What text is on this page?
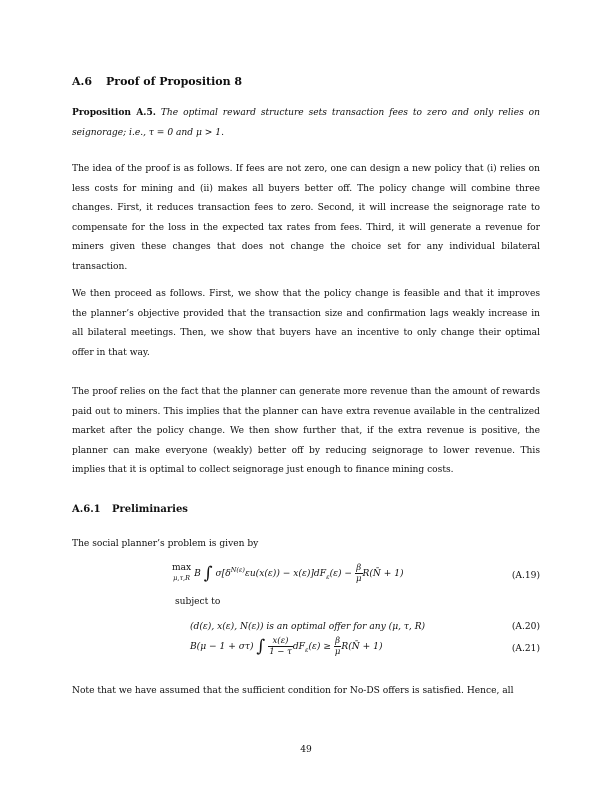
A.6 Proof of Proposition 8

Proposition A.5. The optimal reward structure sets transaction fees to zero and only relies on seignorage; i.e., τ = 0 and μ > 1.

The idea of the proof is as follows. If fees are not zero, one can design a new policy that (i) relies on less costs for mining and (ii) makes all buyers better off. The policy change will combine three changes. First, it reduces transaction fees to zero. Second, it will increase the seignorage rate to compensate for the loss in the expected tax rates from fees. Third, it will generate a revenue for miners given these changes that does not change the choice set for any individual bilateral transaction.

We then proceed as follows. First, we show that the policy change is feasible and that it improves the planner’s objective provided that the transaction size and confirmation lags weakly increase in all bilateral meetings. Then, we show that buyers have an incentive to only change their optimal offer in that way.

The proof relies on the fact that the planner can generate more revenue than the amount of rewards paid out to miners. This implies that the planner can have extra revenue available in the centralized market after the policy change. We then show further that, if the extra revenue is positive, the planner can make everyone (weakly) better off by reducing seignorage to lower revenue. This implies that it is optimal to collect seignorage just enough to finance mining costs.

A.6.1 Preliminaries

The social planner’s problem is given by

max
μ,τ,R B ∫ $\sigma[\delta^{N(\varepsilon)}\varepsilon u(x(\varepsilon)) - x(\varepsilon)]dF_\varepsilon(\varepsilon) - \frac{\beta}{\mu}$ R(N̄ + 1)	(A.19)
subject to
(d(ε), x(ε), N(ε)) is an optimal offer for any (μ, τ, R)	(A.20)
B(μ − 1 + στ) ∫ $\frac{x(\varepsilon)}{1 - \tau} dF_\varepsilon(\varepsilon) \ge \frac{\beta}{\mu}$ R(N̄ + 1)	(A.21)

Note that we have assumed that the sufficient condition for No-DS offers is satisfied. Hence, all

49
